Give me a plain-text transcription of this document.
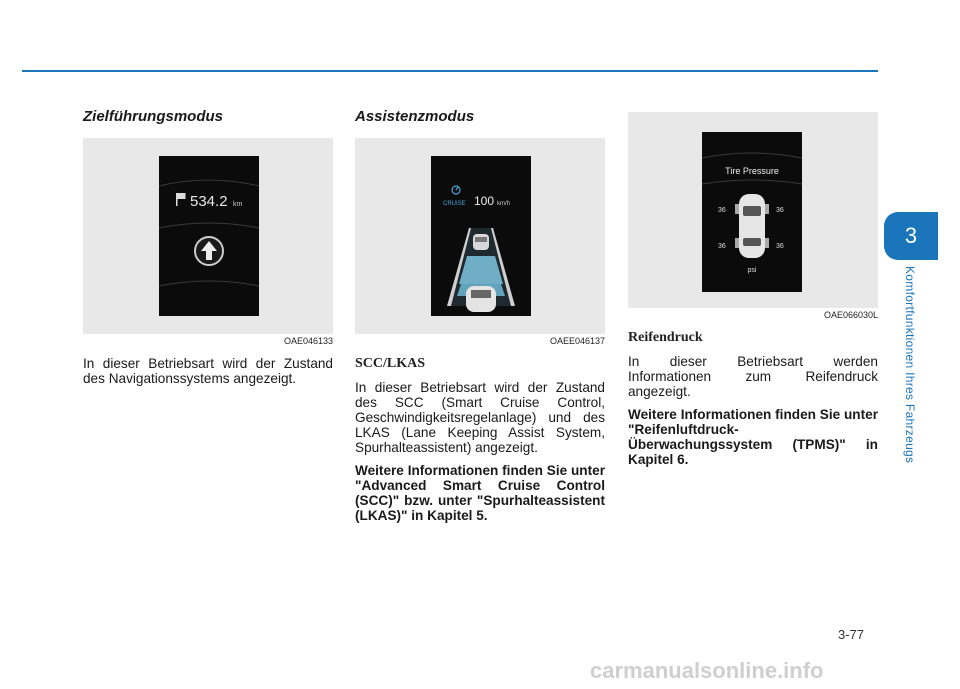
Zielführungsmodus
534.2 km
OAE046133

In dieser Betriebsart wird der Zustand des Navigationssystems angezeigt.

Assistenzmodus
CRUISE 100 km/h
OAEE046137
SCC/LKAS

In dieser Betriebsart wird der Zustand des SCC (Smart Cruise Control, Geschwindigkeitsregelanlage) und des LKAS (Lane Keeping Assist System, Spurhalteassistent) angezeigt.

Weitere Informationen finden Sie unter "Advanced Smart Cruise Control (SCC)" bzw. unter "Spurhalteassistent (LKAS)" in Kapitel 5.

Tire Pressure
36	36
36	36
psi
OAE066030L
Reifendruck

In dieser Betriebsart werden Informationen zum Reifendruck angezeigt.

Weitere Informationen finden Sie unter "Reifenluftdruck-Überwachungssystem (TPMS)" in Kapitel 6.

3
Komfortfunktionen Ihres Fahrzeugs
3-77
carmanualsonline.info
